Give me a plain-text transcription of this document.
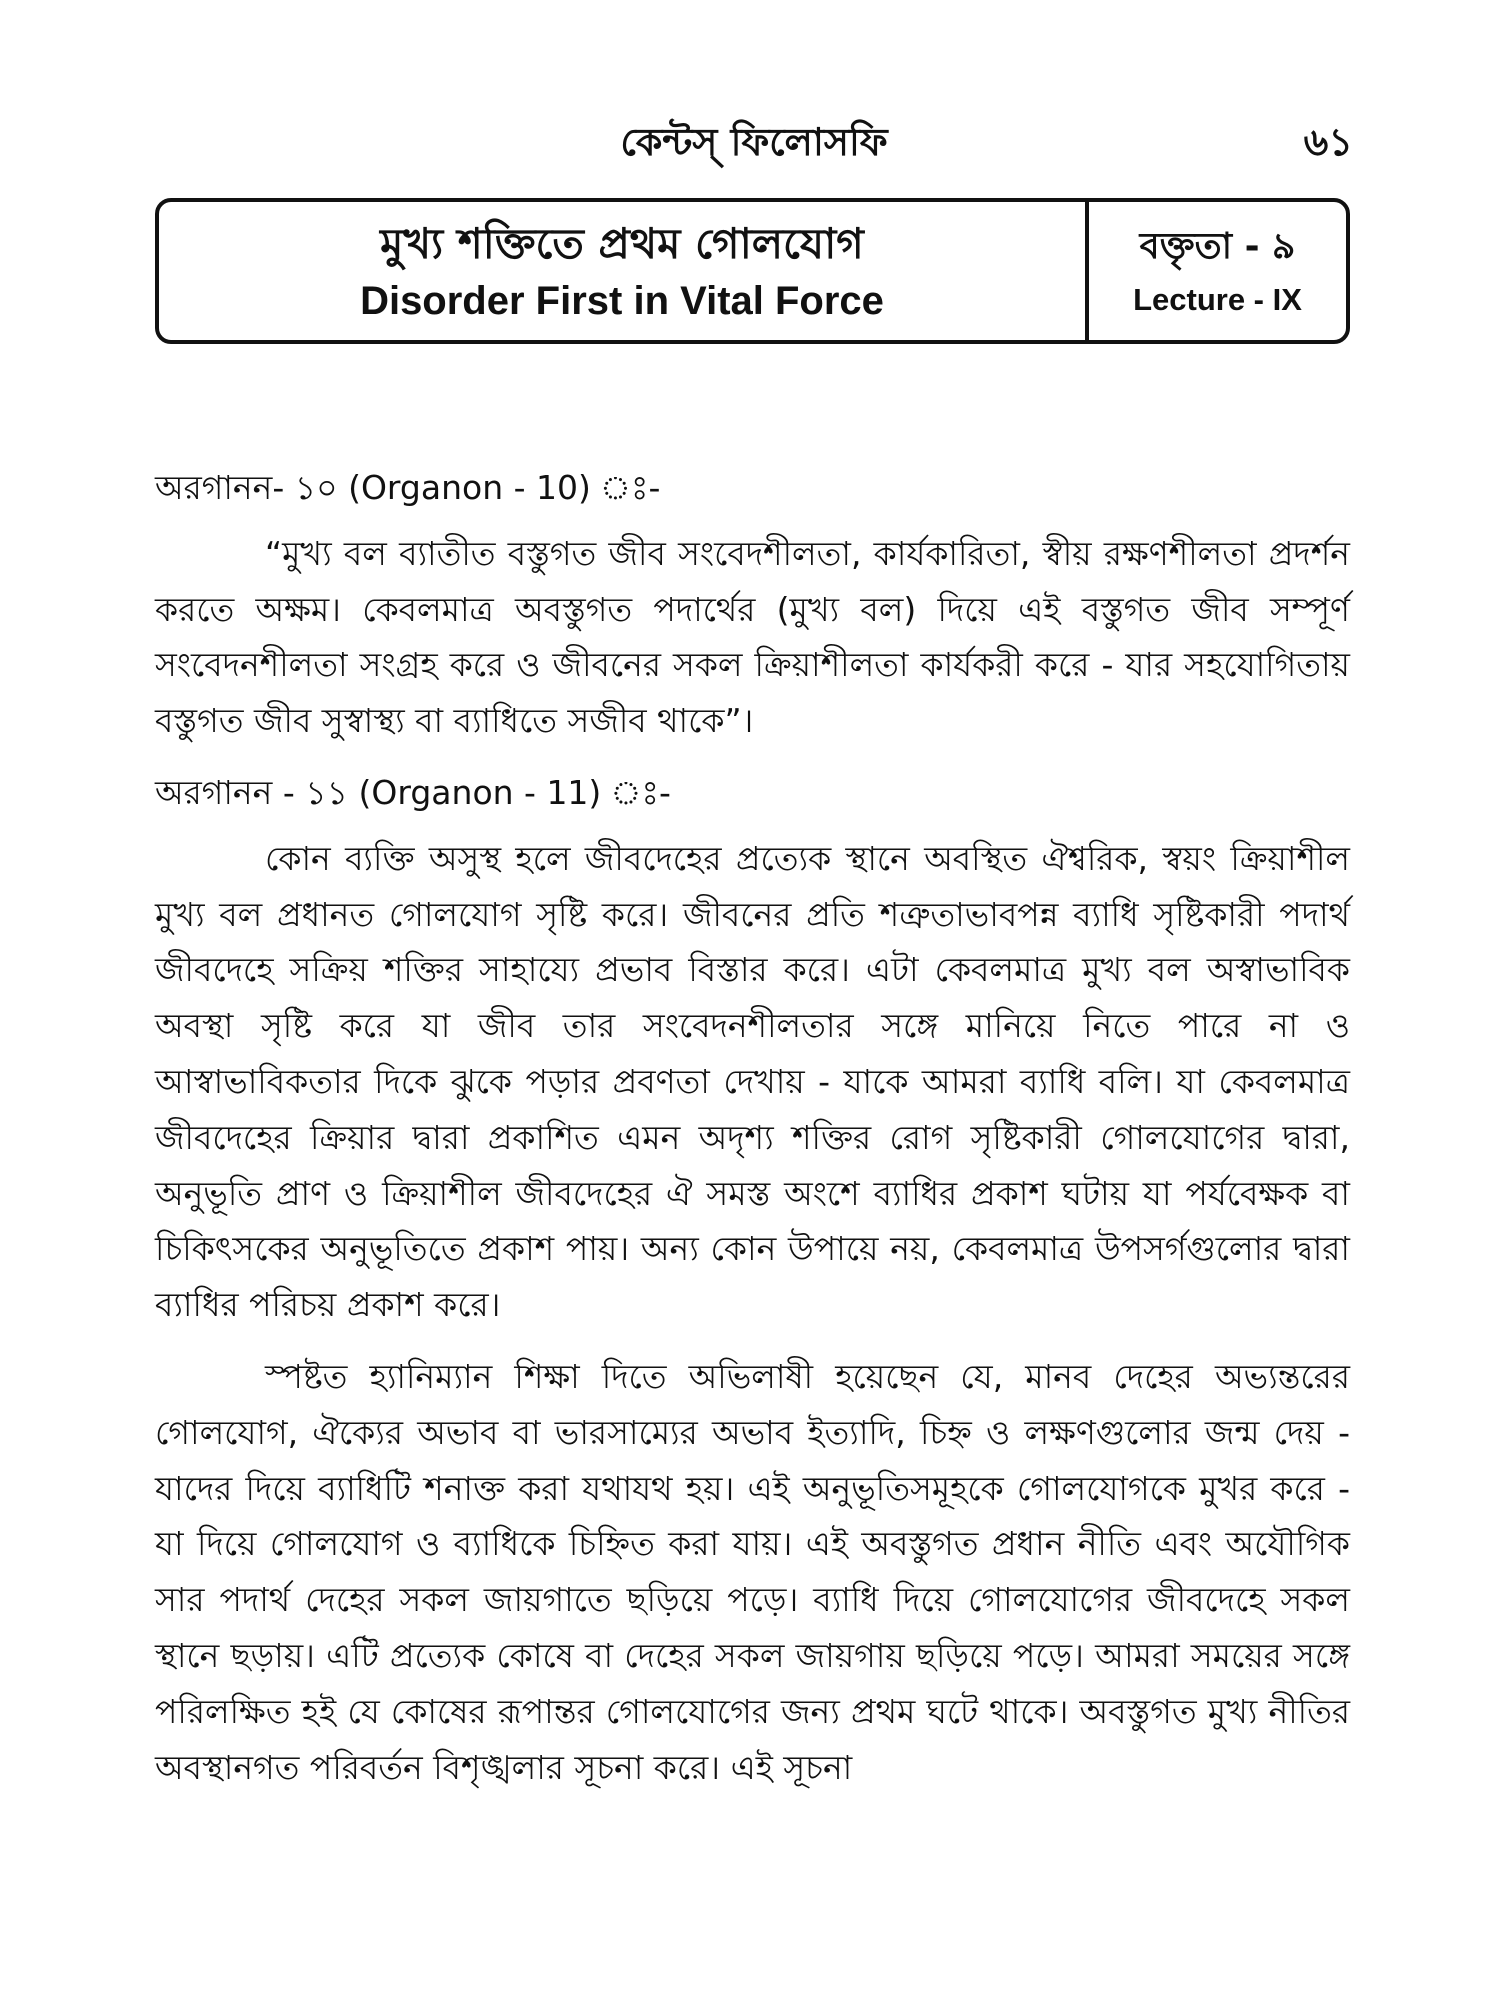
কেন্টস্ ফিলোসফি	৬১
মুখ্য শক্তিতে প্রথম গোলযোগ
Disorder First in Vital Force
বক্তৃতা - ৯
Lecture - IX
অরগানন- ১০ (Organon - 10) ঃ-

“মুখ্য বল ব্যাতীত বস্তুগত জীব সংবেদশীলতা, কার্যকারিতা, স্বীয় রক্ষণশীলতা প্রদর্শন করতে অক্ষম। কেবলমাত্র অবস্তুগত পদার্থের (মুখ্য বল) দিয়ে এই বস্তুগত জীব সম্পূর্ণ সংবেদনশীলতা সংগ্রহ করে ও জীবনের সকল ক্রিয়াশীলতা কার্যকরী করে - যার সহযোগিতায় বস্তুগত জীব সুস্বাস্থ্য বা ব্যাধিতে সজীব থাকে”।

অরগানন - ১১ (Organon - 11) ঃ-

কোন ব্যক্তি অসুস্থ হলে জীবদেহের প্রত্যেক স্থানে অবস্থিত ঐশ্বরিক, স্বয়ং ক্রিয়াশীল মুখ্য বল প্রধানত গোলযোগ সৃষ্টি করে। জীবনের প্রতি শত্রুতাভাবপন্ন ব্যাধি সৃষ্টিকারী পদার্থ জীবদেহে সক্রিয় শক্তির সাহায্যে প্রভাব বিস্তার করে। এটা কেবলমাত্র মুখ্য বল অস্বাভাবিক অবস্থা সৃষ্টি করে যা জীব তার সংবেদনশীলতার সঙ্গে মানিয়ে নিতে পারে না ও আস্বাভাবিকতার দিকে ঝুকে পড়ার প্রবণতা দেখায় - যাকে আমরা ব্যাধি বলি। যা কেবলমাত্র জীবদেহের ক্রিয়ার দ্বারা প্রকাশিত এমন অদৃশ্য শক্তির রোগ সৃষ্টিকারী গোলযোগের দ্বারা, অনুভূতি প্রাণ ও ক্রিয়াশীল জীবদেহের ঐ সমস্ত অংশে ব্যাধির প্রকাশ ঘটায় যা পর্যবেক্ষক বা চিকিৎসকের অনুভূতিতে প্রকাশ পায়। অন্য কোন উপায়ে নয়, কেবলমাত্র উপসর্গগুলোর দ্বারা ব্যাধির পরিচয় প্রকাশ করে।

স্পষ্টত হ্যানিম্যান শিক্ষা দিতে অভিলাষী হয়েছেন যে, মানব দেহের অভ্যন্তরের গোলযোগ, ঐক্যের অভাব বা ভারসাম্যের অভাব ইত্যাদি, চিহ্ন ও লক্ষণগুলোর জন্ম দেয় - যাদের দিয়ে ব্যাধিটি শনাক্ত করা যথাযথ হয়। এই অনুভূতিসমূহকে গোলযোগকে মুখর করে - যা দিয়ে গোলযোগ ও ব্যাধিকে চিহ্নিত করা যায়। এই অবস্তুগত প্রধান নীতি এবং অযৌগিক সার পদার্থ দেহের সকল জায়গাতে ছড়িয়ে পড়ে। ব্যাধি দিয়ে গোলযোগের জীবদেহে সকল স্থানে ছড়ায়। এটি প্রত্যেক কোষে বা দেহের সকল জায়গায় ছড়িয়ে পড়ে। আমরা সময়ের সঙ্গে পরিলক্ষিত হই যে কোষের রূপান্তর গোলযোগের জন্য প্রথম ঘটে থাকে। অবস্তুগত মুখ্য নীতির অবস্থানগত পরিবর্তন বিশৃঙ্খলার সূচনা করে। এই সূচনা
